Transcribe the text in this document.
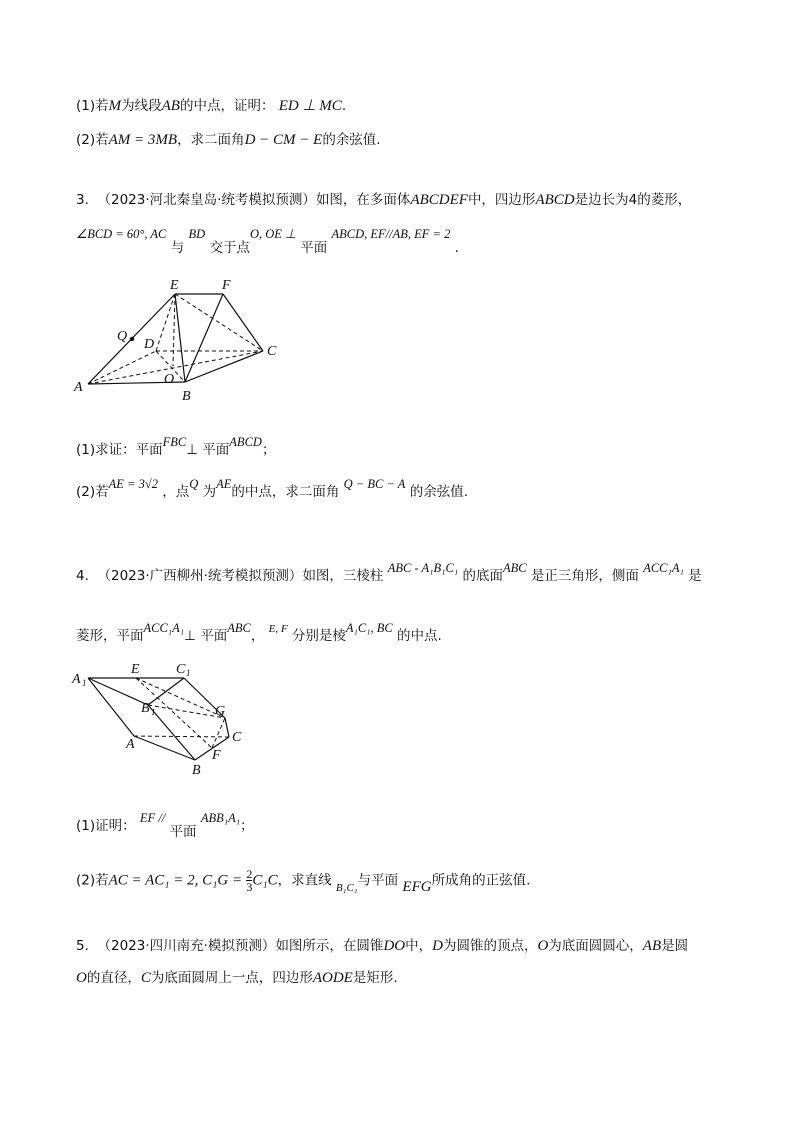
(1)若M为线段AB的中点，证明： ED ⊥ MC.
(2)若AM = 3MB，求二面角D − CM − E的余弦值.
3. （2023·河北秦皇岛·统考模拟预测）如图，在多面体ABCDEF中，四边形ABCD是边长为4的菱形，
∠BCD = 60°, AC 与 BD 交于点O, OE ⊥ 平面 ABCD, EF//AB, EF = 2 .
E	F
Q
D	C
O
A
B
(1)求证：平面FBC⊥ 平面ABCD；
(2)若AE = 3√2 ，点Q 为AE的中点，求二面角 Q − BC − A 的余弦值.
4. （2023·广西柳州·统考模拟预测）如图，三棱柱 ABC - A₁B₁C₁ 的底面ABC 是正三角形，侧面 ACC₁A₁ 是
菱形，平面ACC₁A₁⊥ 平面ABC， $^{E, F}$ 分别是棱A₁C₁, BC 的中点.
A 1
E	C 1
B 1	G
C
A
F
B
(1)证明： EF // 平面 ABB₁A₁；
(2)若AC = AC₁ = 2, $C_1G = \frac{2}{3} C_1C$，求直线 $_{B_1C_1}$与平面 EFG所成角的正弦值.
5. （2023·四川南充·模拟预测）如图所示，在圆锥DO中，D为圆锥的顶点，O为底面圆圆心，AB是圆
O的直径，C为底面圆周上一点，四边形AODE是矩形.
